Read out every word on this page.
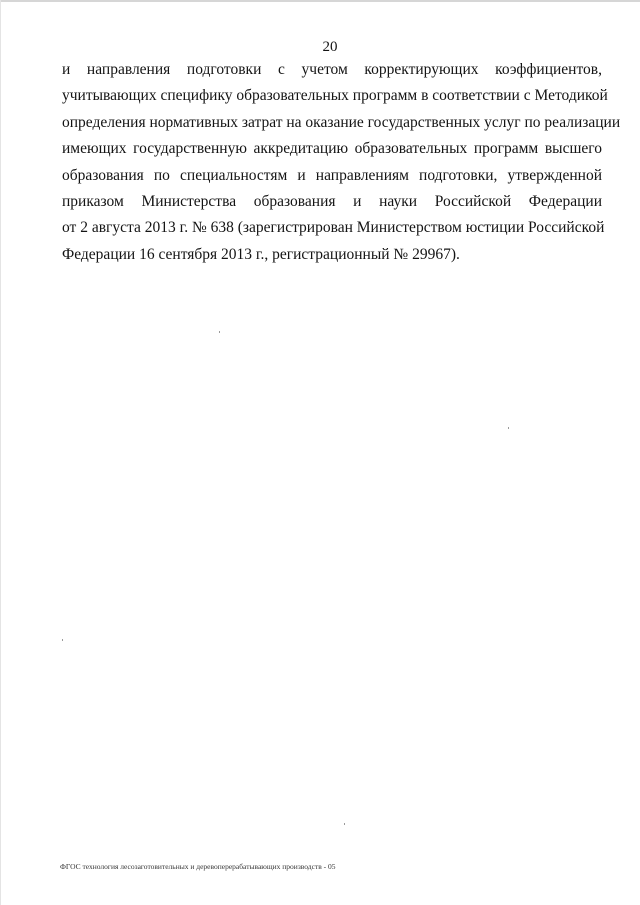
20
и направления подготовки с учетом корректирующих коэффициентов,
учитывающих специфику образовательных программ в соответствии с Методикой
определения нормативных затрат на оказание государственных услуг по реализации
имеющих государственную аккредитацию образовательных программ высшего
образования по специальностям и направлениям подготовки, утвержденной
приказом Министерства образования и науки Российской Федерации
от 2 августа 2013 г. № 638 (зарегистрирован Министерством юстиции Российской
Федерации 16 сентября 2013 г., регистрационный № 29967).
ФГОС технология лесозаготовительных и деревоперерабатывающих производств - 05
